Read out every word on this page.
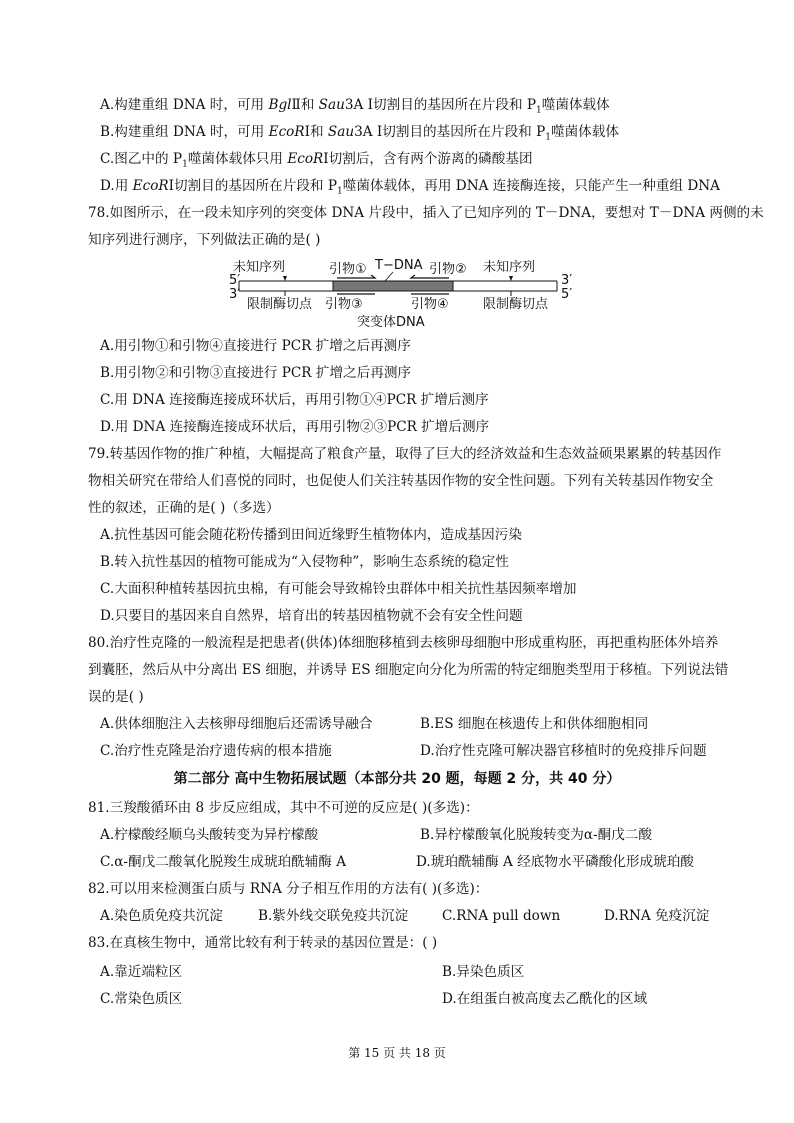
A.构建重组 DNA 时，可用 BglⅡ和 Sau3A Ⅰ切割目的基因所在片段和 $P_1$噬菌体载体
B.构建重组 DNA 时，可用 EcoRⅠ和 Sau3A Ⅰ切割目的基因所在片段和 $P_1$噬菌体载体
C.图乙中的 $P_1$噬菌体载体只用 EcoRⅠ切割后，含有两个游离的磷酸基团
D.用 EcoRⅠ切割目的基因所在片段和 $P_1$噬菌体载体，再用 DNA 连接酶连接，只能产生一种重组 DNA
78.如图所示，在一段未知序列的突变体 DNA 片段中，插入了已知序列的 T－DNA，要想对 T－DNA 两侧的未
知序列进行测序，下列做法正确的是( )
5′
3′
3′
5′
未知序列	引物① T−DNA 引物② 未知序列
限制酶切点 引物③	引物④	限制酶切点
突变体DNA
A.用引物①和引物④直接进行 PCR 扩增之后再测序
B.用引物②和引物③直接进行 PCR 扩增之后再测序
C.用 DNA 连接酶连接成环状后，再用引物①④PCR 扩增后测序
D.用 DNA 连接酶连接成环状后，再用引物②③PCR 扩增后测序
79.转基因作物的推广种植，大幅提高了粮食产量，取得了巨大的经济效益和生态效益硕果累累的转基因作
物相关研究在带给人们喜悦的同时，也促使人们关注转基因作物的安全性问题。下列有关转基因作物安全
性的叙述，正确的是( )（多选）
A.抗性基因可能会随花粉传播到田间近缘野生植物体内，造成基因污染
B.转入抗性基因的植物可能成为“入侵物种”，影响生态系统的稳定性
C.大面积种植转基因抗虫棉，有可能会导致棉铃虫群体中相关抗性基因频率增加
D.只要目的基因来自自然界，培育出的转基因植物就不会有安全性问题
80.治疗性克隆的一般流程是把患者(供体)体细胞移植到去核卵母细胞中形成重构胚，再把重构胚体外培养
到囊胚，然后从中分离出 ES 细胞，并诱导 ES 细胞定向分化为所需的特定细胞类型用于移植。下列说法错
误的是( )
A.供体细胞注入去核卵母细胞后还需诱导融合	B.ES 细胞在核遗传上和供体细胞相同
C.治疗性克隆是治疗遗传病的根本措施	D.治疗性克隆可解决器官移植时的免疫排斥问题
第二部分 高中生物拓展试题（本部分共 20 题，每题 2 分，共 40 分）
81.三羧酸循环由 8 步反应组成，其中不可逆的反应是( )(多选)：
A.柠檬酸经顺乌头酸转变为异柠檬酸	B.异柠檬酸氧化脱羧转变为α-酮戊二酸
C.α-酮戊二酸氧化脱羧生成琥珀酰辅酶 A	D.琥珀酰辅酶 A 经底物水平磷酸化形成琥珀酸
82.可以用来检测蛋白质与 RNA 分子相互作用的方法有( )(多选)：
A.染色质免疫共沉淀	B.紫外线交联免疫共沉淀 C.RNA pull down	D.RNA 免疫沉淀
83.在真核生物中，通常比较有利于转录的基因位置是：( )
A.靠近端粒区	B.异染色质区
C.常染色质区	D.在组蛋白被高度去乙酰化的区域
第 15 页 共 18 页
